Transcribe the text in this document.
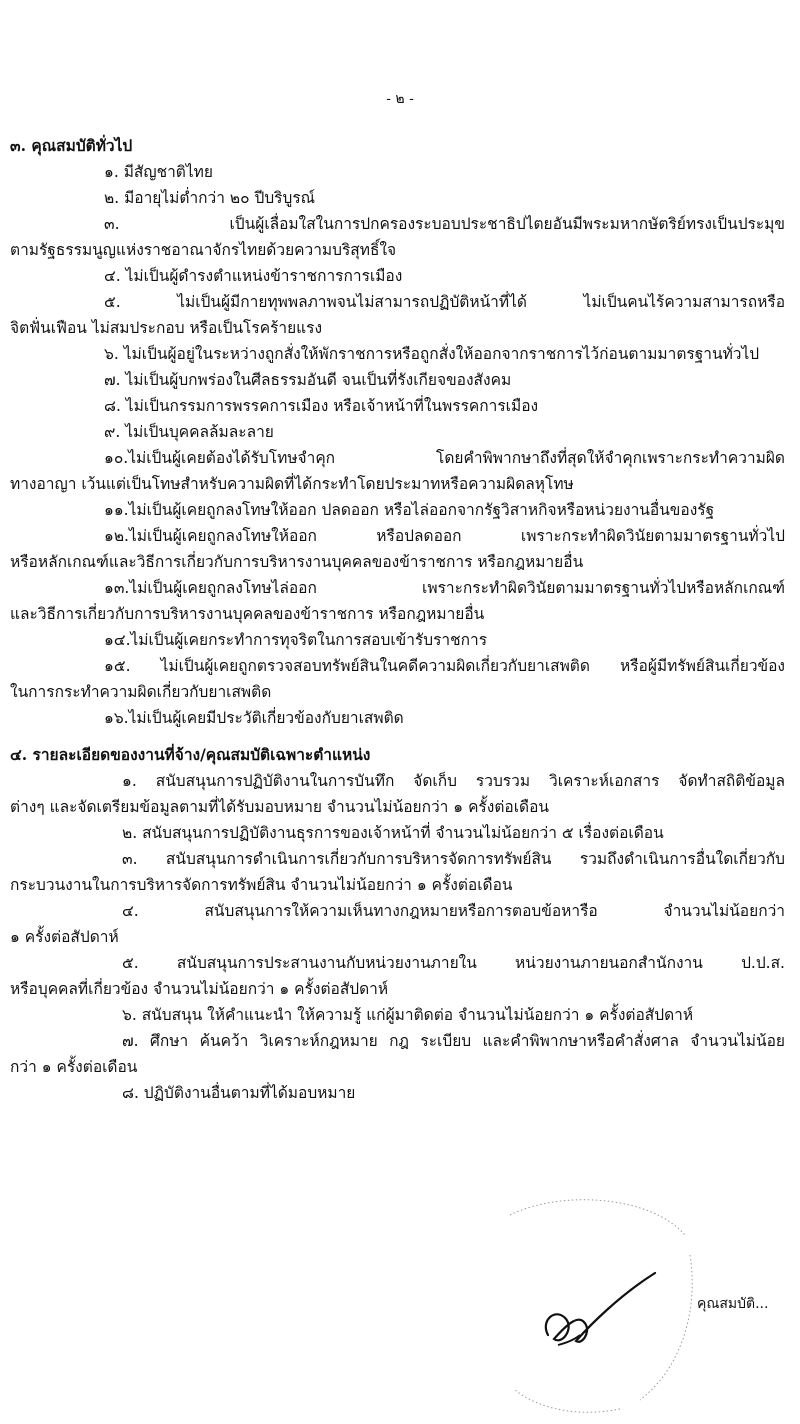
- ๒ -
๓. คุณสมบัติทั่วไป
๑. มีสัญชาติไทย
๒. มีอายุไม่ต่ำกว่า ๒๐ ปีบริบูรณ์
๓. เป็นผู้เลื่อมใสในการปกครองระบอบประชาธิปไตยอันมีพระมหากษัตริย์ทรงเป็นประมุข
ตามรัฐธรรมนูญแห่งราชอาณาจักรไทยด้วยความบริสุทธิ์ใจ
๔. ไม่เป็นผู้ดำรงตำแหน่งข้าราชการการเมือง
๕. ไม่เป็นผู้มีกายทุพพลภาพจนไม่สามารถปฏิบัติหน้าที่ได้ ไม่เป็นคนไร้ความสามารถหรือ
จิตฟั่นเฟือน ไม่สมประกอบ หรือเป็นโรคร้ายแรง
๖. ไม่เป็นผู้อยู่ในระหว่างถูกสั่งให้พักราชการหรือถูกสั่งให้ออกจากราชการไว้ก่อนตามมาตรฐานทั่วไป
๗. ไม่เป็นผู้บกพร่องในศีลธรรมอันดี จนเป็นที่รังเกียจของสังคม
๘. ไม่เป็นกรรมการพรรคการเมือง หรือเจ้าหน้าที่ในพรรคการเมือง
๙. ไม่เป็นบุคคลล้มละลาย
๑๐.ไม่เป็นผู้เคยต้องได้รับโทษจำคุก โดยคำพิพากษาถึงที่สุดให้จำคุกเพราะกระทำความผิด
ทางอาญา เว้นแต่เป็นโทษสำหรับความผิดที่ได้กระทำโดยประมาทหรือความผิดลหุโทษ
๑๑.ไม่เป็นผู้เคยถูกลงโทษให้ออก ปลดออก หรือไล่ออกจากรัฐวิสาหกิจหรือหน่วยงานอื่นของรัฐ
๑๒.ไม่เป็นผู้เคยถูกลงโทษให้ออก หรือปลดออก เพราะกระทำผิดวินัยตามมาตรฐานทั่วไป
หรือหลักเกณฑ์และวิธีการเกี่ยวกับการบริหารงานบุคคลของข้าราชการ หรือกฎหมายอื่น
๑๓.ไม่เป็นผู้เคยถูกลงโทษไล่ออก เพราะกระทำผิดวินัยตามมาตรฐานทั่วไปหรือหลักเกณฑ์
และวิธีการเกี่ยวกับการบริหารงานบุคคลของข้าราชการ หรือกฎหมายอื่น
๑๔.ไม่เป็นผู้เคยกระทำการทุจริตในการสอบเข้ารับราชการ
๑๕. ไม่เป็นผู้เคยถูกตรวจสอบทรัพย์สินในคดีความผิดเกี่ยวกับยาเสพติด หรือผู้มีทรัพย์สินเกี่ยวข้อง
ในการกระทำความผิดเกี่ยวกับยาเสพติด
๑๖.ไม่เป็นผู้เคยมีประวัติเกี่ยวข้องกับยาเสพติด
๔. รายละเอียดของงานที่จ้าง/คุณสมบัติเฉพาะตำแหน่ง
๑. สนับสนุนการปฏิบัติงานในการบันทึก จัดเก็บ รวบรวม วิเคราะห์เอกสาร จัดทำสถิติข้อมูล
ต่างๆ และจัดเตรียมข้อมูลตามที่ได้รับมอบหมาย จำนวนไม่น้อยกว่า ๑ ครั้งต่อเดือน
๒. สนับสนุนการปฏิบัติงานธุรการของเจ้าหน้าที่ จำนวนไม่น้อยกว่า ๕ เรื่องต่อเดือน
๓. สนับสนุนการดำเนินการเกี่ยวกับการบริหารจัดการทรัพย์สิน รวมถึงดำเนินการอื่นใดเกี่ยวกับ
กระบวนงานในการบริหารจัดการทรัพย์สิน จำนวนไม่น้อยกว่า ๑ ครั้งต่อเดือน
๔. สนับสนุนการให้ความเห็นทางกฎหมายหรือการตอบข้อหารือ จำนวนไม่น้อยกว่า
๑ ครั้งต่อสัปดาห์
๕. สนับสนุนการประสานงานกับหน่วยงานภายใน หน่วยงานภายนอกสำนักงาน ป.ป.ส.
หรือบุคคลที่เกี่ยวข้อง จำนวนไม่น้อยกว่า ๑ ครั้งต่อสัปดาห์
๖. สนับสนุน ให้คำแนะนำ ให้ความรู้ แก่ผู้มาติดต่อ จำนวนไม่น้อยกว่า ๑ ครั้งต่อสัปดาห์
๗. ศึกษา ค้นคว้า วิเคราะห์กฎหมาย กฎ ระเบียบ และคำพิพากษาหรือคำสั่งศาล จำนวนไม่น้อย
กว่า ๑ ครั้งต่อเดือน
๘. ปฏิบัติงานอื่นตามที่ได้มอบหมาย
คุณสมบัติ...
